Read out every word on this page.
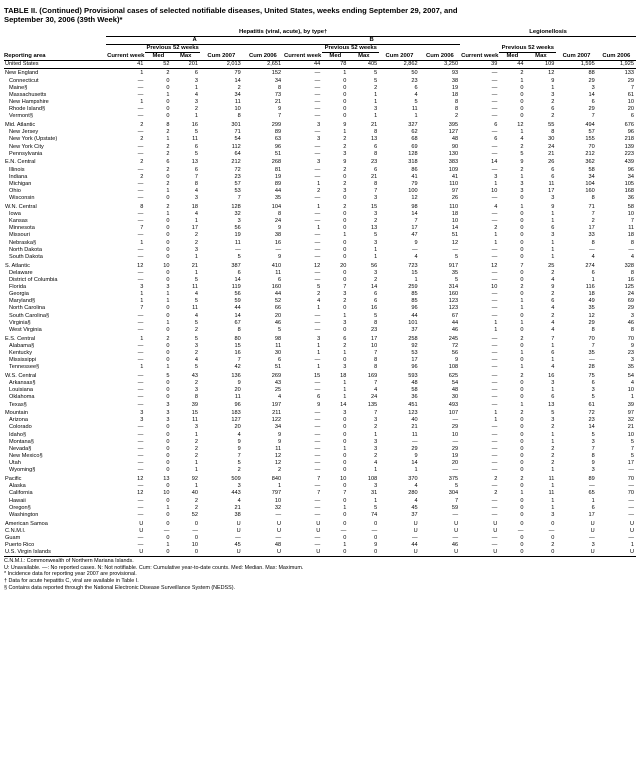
TABLE II. (Continued) Provisional cases of selected notifiable diseases, United States, weeks ending September 29, 2007, and
September 30, 2006 (39th Week)*
	Hepatitis (viral, acute), by type†										Legionellosis				
	A					B									
		Previous 52 weeks					Previous 52 weeks					Previous 52 weeks			
Reporting area	Current week	Med	Max	Cum 2007	Cum 2006	Current week	Med	Max	Cum 2007	Cum 2006	Current week	Med	Max	Cum 2007	Cum 2006
United States	41	52	201	2,013	2,651	44	78	405	2,862	3,250	39	44	109	1,595	1,925
New England	1	2	6	79	152	—	1	5	50	93	—	2	12	88	133
Connecticut	—	0	3	14	34	—	0	5	23	38	—	1	9	29	29
Maine§	—	0	1	2	8	—	0	2	6	19	—	0	1	3	7
Massachusetts	—	1	4	34	73	—	0	1	4	18	—	0	3	14	61
New Hampshire	1	0	3	11	21	—	0	1	5	8	—	0	2	6	10
Rhode Island§	—	0	2	10	9	—	0	3	11	8	—	0	6	29	20
Vermont§	—	0	1	8	7	—	0	1	1	2	—	0	2	7	6
Mid. Atlantic	2	8	16	301	299	3	9	21	327	395	6	12	55	494	676
New Jersey	—	2	5	71	89	—	1	8	62	127	—	1	8	57	96
New York (Upstate)	2	1	11	54	63	3	2	13	68	48	6	4	30	155	218
New York City	—	2	6	112	96	—	2	6	69	90	—	2	24	70	139
Pennsylvania	—	2	5	64	51	—	3	8	128	130	—	5	21	212	223
E.N. Central	2	6	13	212	268	3	9	23	318	383	14	9	26	362	439
Illinois	—	2	6	72	81	—	2	6	86	109	—	2	6	58	96
Indiana	2	0	7	23	19	—	0	21	41	41	3	1	6	34	34
Michigan	—	2	8	57	89	1	2	8	79	110	1	3	11	104	105
Ohio	—	1	4	53	44	2	3	7	100	97	10	3	17	160	168
Wisconsin	—	0	3	7	35	—	0	3	12	26	—	0	3	8	36
W.N. Central	8	2	18	128	104	1	2	15	98	110	4	1	9	71	58
Iowa	—	1	4	32	8	—	0	3	14	18	—	0	1	7	10
Kansas	—	0	1	3	24	—	0	2	7	10	—	0	1	2	7
Minnesota	7	0	17	56	9	1	0	13	17	14	2	0	6	17	11
Missouri	—	0	2	19	38	—	1	5	47	51	1	0	3	33	18
Nebraska§	1	0	2	11	16	—	0	3	9	12	1	0	1	8	8
North Dakota	—	0	3	—	—	—	0	1	—	—	—	0	1	—	—
South Dakota	—	0	1	5	9	—	0	1	4	5	—	0	1	4	4
S. Atlantic	12	10	21	387	410	12	20	56	723	917	12	7	25	274	328
Delaware	—	0	1	6	11	—	0	3	15	35	—	0	2	6	8
District of Columbia	—	0	5	14	6	—	0	2	1	5	—	0	4	1	16
Florida	3	3	11	119	160	5	7	14	259	314	10	2	9	116	125
Georgia	1	1	4	56	44	2	3	6	85	160	—	0	2	18	24
Maryland§	1	1	5	59	52	4	2	6	85	123	—	1	6	49	69
North Carolina	7	0	11	44	66	1	0	16	96	123	—	1	4	35	29
South Carolina§	—	0	4	14	20	—	1	5	44	67	—	0	2	12	3
Virginia§	—	1	5	67	46	—	3	8	101	44	1	1	4	29	46
West Virginia	—	0	2	8	5	—	0	23	37	46	1	0	4	8	8
E.S. Central	1	2	5	80	98	3	6	17	258	245	—	2	7	70	70
Alabama§	—	0	3	15	11	1	2	10	92	72	—	0	1	7	9
Kentucky	—	0	2	16	30	1	1	7	53	56	—	1	6	35	23
Mississippi	—	0	4	7	6	—	0	8	17	9	—	0	1	—	3
Tennessee§	1	1	5	42	51	1	3	8	96	108	—	1	4	28	35
W.S. Central	—	5	43	136	269	15	18	169	593	625	—	2	16	75	54
Arkansas§	—	0	2	9	43	—	1	7	48	54	—	0	3	6	4
Louisiana	—	0	3	20	25	—	1	4	58	48	—	0	1	3	10
Oklahoma	—	0	8	11	4	6	1	24	36	30	—	0	6	5	1
Texas§	—	3	39	96	197	9	14	135	451	493	—	1	13	61	39
Mountain	3	3	15	183	211	—	3	7	123	107	1	2	5	72	97
Arizona	3	3	11	127	122	—	0	3	40	—	1	0	3	23	32
Colorado	—	0	3	20	34	—	0	2	21	29	—	0	2	14	21
Idaho§	—	0	1	4	9	—	0	1	11	10	—	0	1	5	10
Montana§	—	0	2	9	9	—	0	3	—	—	—	0	1	3	5
Nevada§	—	0	2	9	11	—	1	3	29	29	—	0	2	7	7
New Mexico§	—	0	2	7	12	—	0	2	9	19	—	0	2	8	5
Utah	—	0	1	5	12	—	0	4	14	20	—	0	2	9	17
Wyoming§	—	0	1	2	2	—	0	1	1	—	—	0	1	3	—
Pacific	12	13	92	509	840	7	10	108	370	375	2	2	11	89	70
Alaska	—	0	1	3	1	—	0	3	4	5	—	0	1	—	—
California	12	10	40	443	797	7	7	31	280	304	2	1	11	65	70
Hawaii	—	0	2	4	10	—	0	1	4	7	—	0	1	1	—
Oregon§	—	1	2	21	32	—	1	5	45	59	—	0	1	6	—
Washington	—	0	52	38	—	—	0	74	37	—	—	0	3	17	—
American Samoa	U	0	0	U	U	U	0	0	U	U	U	0	0	U	U
C.N.M.I.	U	—	—	U	U	U	—	—	U	U	U	—	—	U	U
Guam	—	0	0	—	—	—	0	0	—	—	—	0	0	—	—
Puerto Rico	—	1	10	45	48	—	1	9	44	46	—	0	2	3	1
U.S. Virgin Islands	U	0	0	U	U	U	0	0	U	U	U	0	0	U	U
C.N.M.I.: Commonwealth of Northern Mariana Islands.
U: Unavailable. —: No reported cases. N: Not notifiable. Cum: Cumulative year-to-date counts. Med: Median. Max: Maximum.
* Incidence data for reporting year 2007 are provisional.
† Data for acute hepatitis C, viral are available in Table I.
§ Contains data reported through the National Electronic Disease Surveillance System (NEDSS).
